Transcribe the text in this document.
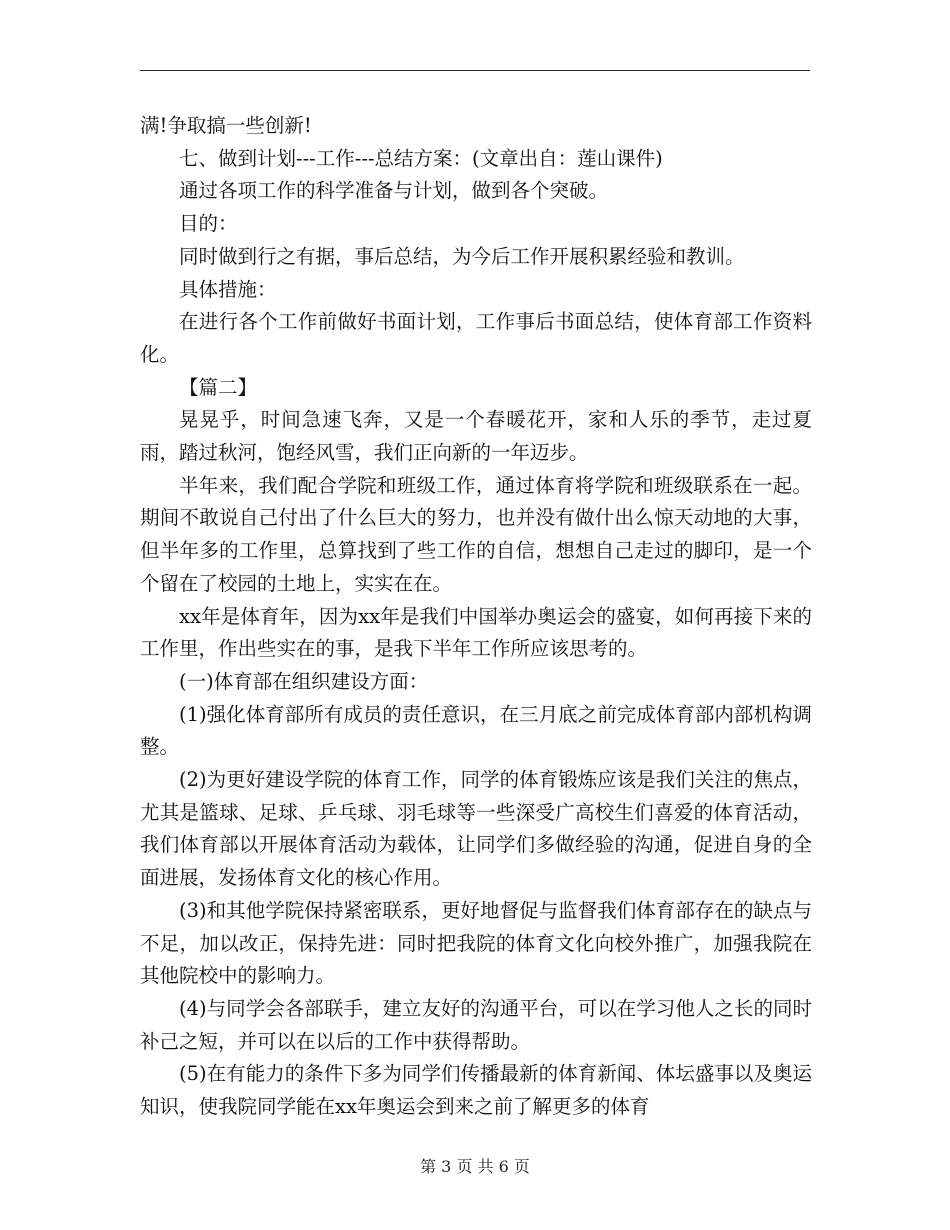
满!争取搞一些创新!

七、做到计划---工作---总结方案：(文章出自：莲山课件)

通过各项工作的科学准备与计划，做到各个突破。

目的：

同时做到行之有据，事后总结，为今后工作开展积累经验和教训。

具体措施：

在进行各个工作前做好书面计划，工作事后书面总结，使体育部工作资料化。

【篇二】

晃晃乎，时间急速飞奔，又是一个春暖花开，家和人乐的季节，走过夏雨，踏过秋河，饱经风雪，我们正向新的一年迈步。

半年来，我们配合学院和班级工作，通过体育将学院和班级联系在一起。期间不敢说自己付出了什么巨大的努力，也并没有做什出么惊天动地的大事，但半年多的工作里，总算找到了些工作的自信，想想自己走过的脚印，是一个个留在了校园的土地上，实实在在。

xx年是体育年，因为xx年是我们中国举办奥运会的盛宴，如何再接下来的工作里，作出些实在的事，是我下半年工作所应该思考的。

(一)体育部在组织建设方面：

(1)强化体育部所有成员的责任意识，在三月底之前完成体育部内部机构调整。

(2)为更好建设学院的体育工作，同学的体育锻炼应该是我们关注的焦点，尤其是篮球、足球、乒乓球、羽毛球等一些深受广高校生们喜爱的体育活动，我们体育部以开展体育活动为载体，让同学们多做经验的沟通，促进自身的全面进展，发扬体育文化的核心作用。

(3)和其他学院保持紧密联系，更好地督促与监督我们体育部存在的缺点与不足，加以改正，保持先进：同时把我院的体育文化向校外推广，加强我院在其他院校中的影响力。

(4)与同学会各部联手，建立友好的沟通平台，可以在学习他人之长的同时补己之短，并可以在以后的工作中获得帮助。

(5)在有能力的条件下多为同学们传播最新的体育新闻、体坛盛事以及奥运知识，使我院同学能在xx年奥运会到来之前了解更多的体育

第 3 页 共 6 页
